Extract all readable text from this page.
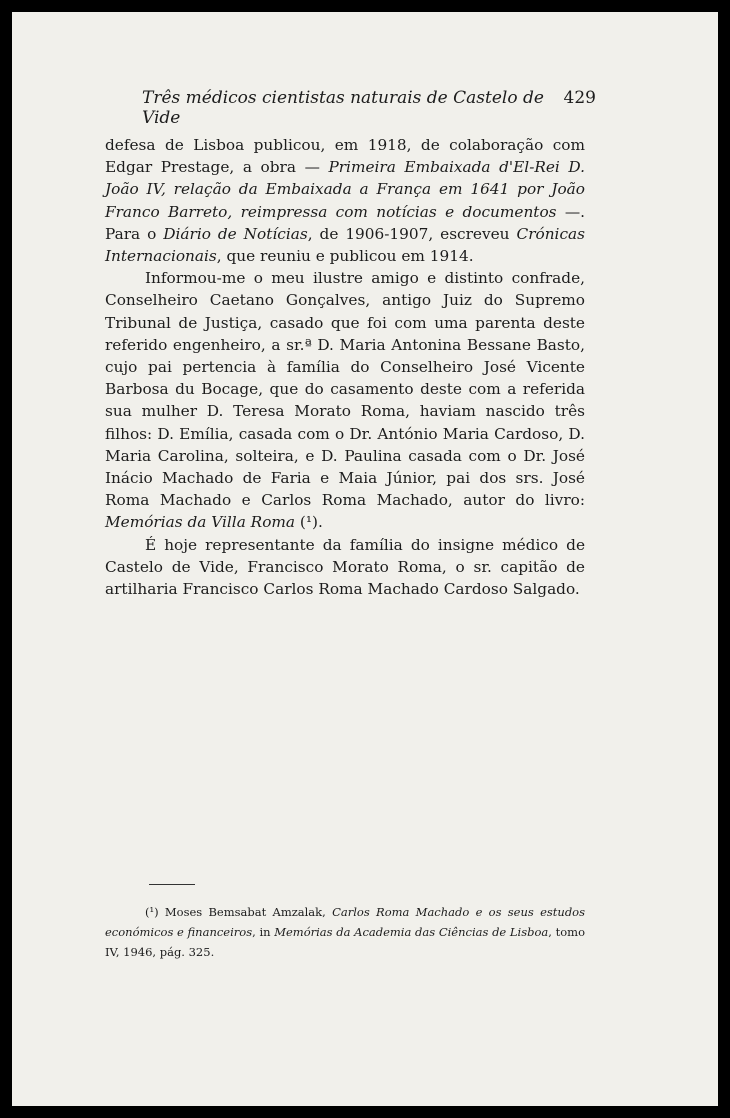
Três médicos cientistas naturais de Castelo de Vide
429

defesa de Lisboa publicou, em 1918, de colaboração com Edgar Prestage, a obra — Primeira Embaixada d'El-Rei D. João IV, relação da Embaixada a França em 1641 por João Franco Barreto, reimpressa com notícias e documentos —. Para o Diário de Notícias, de 1906-1907, escreveu Crónicas Internacionais, que reuniu e publicou em 1914.

Informou-me o meu ilustre amigo e distinto confrade, Conselheiro Caetano Gonçalves, antigo Juiz do Supremo Tribunal de Justiça, casado que foi com uma parenta deste referido engenheiro, a sr.ª D. Maria Antonina Bessane Basto, cujo pai pertencia à família do Conselheiro José Vicente Barbosa du Bocage, que do casamento deste com a referida sua mulher D. Teresa Morato Roma, haviam nascido três filhos: D. Emília, casada com o Dr. António Maria Cardoso, D. Maria Carolina, solteira, e D. Paulina casada com o Dr. José Inácio Machado de Faria e Maia Júnior, pai dos srs. José Roma Machado e Carlos Roma Machado, autor do livro: Memórias da Villa Roma (¹).

É hoje representante da família do insigne médico de Castelo de Vide, Francisco Morato Roma, o sr. capitão de artilharia Francisco Carlos Roma Machado Cardoso Salgado.

(¹) Moses Bemsabat Amzalak, Carlos Roma Machado e os seus estudos económicos e financeiros, in Memórias da Academia das Ciências de Lisboa, tomo IV, 1946, pág. 325.
